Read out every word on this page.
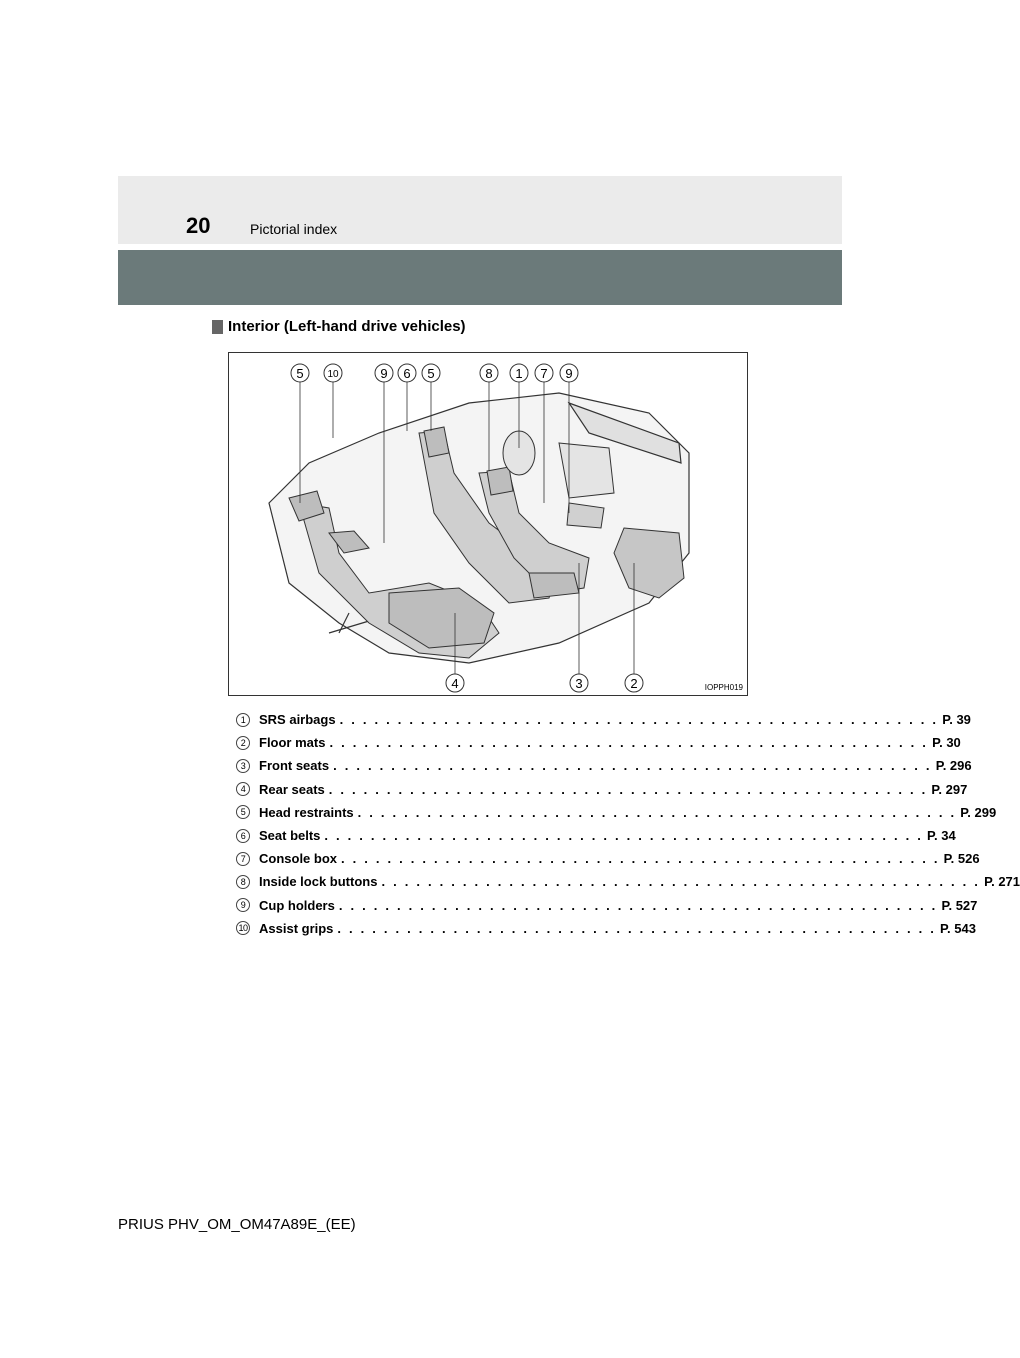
20	Pictorial index
Interior (Left-hand drive vehicles)
5 10	9 6 5	8 1 7 9
4	3	2	IOPPH019
1	SRS airbags . . . . . . . . . . . . . . . . . . . . . . . . . . . . . . . . . . . . . . . . . . . . . . . . . . . . P. 39
2	Floor mats . . . . . . . . . . . . . . . . . . . . . . . . . . . . . . . . . . . . . . . . . . . . . . . . . . . . P. 30
3	Front seats . . . . . . . . . . . . . . . . . . . . . . . . . . . . . . . . . . . . . . . . . . . . . . . . . . . . P. 296
4	Rear seats . . . . . . . . . . . . . . . . . . . . . . . . . . . . . . . . . . . . . . . . . . . . . . . . . . . . P. 297
5	Head restraints . . . . . . . . . . . . . . . . . . . . . . . . . . . . . . . . . . . . . . . . . . . . . . . . . . . . P. 299
6	Seat belts . . . . . . . . . . . . . . . . . . . . . . . . . . . . . . . . . . . . . . . . . . . . . . . . . . . . P. 34
7	Console box . . . . . . . . . . . . . . . . . . . . . . . . . . . . . . . . . . . . . . . . . . . . . . . . . . . . P. 526
8	Inside lock buttons . . . . . . . . . . . . . . . . . . . . . . . . . . . . . . . . . . . . . . . . . . . . . . . . . . . . P. 271
9	Cup holders . . . . . . . . . . . . . . . . . . . . . . . . . . . . . . . . . . . . . . . . . . . . . . . . . . . . P. 527
10 Assist grips . . . . . . . . . . . . . . . . . . . . . . . . . . . . . . . . . . . . . . . . . . . . . . . . . . . . P. 543
PRIUS PHV_OM_OM47A89E_(EE)
